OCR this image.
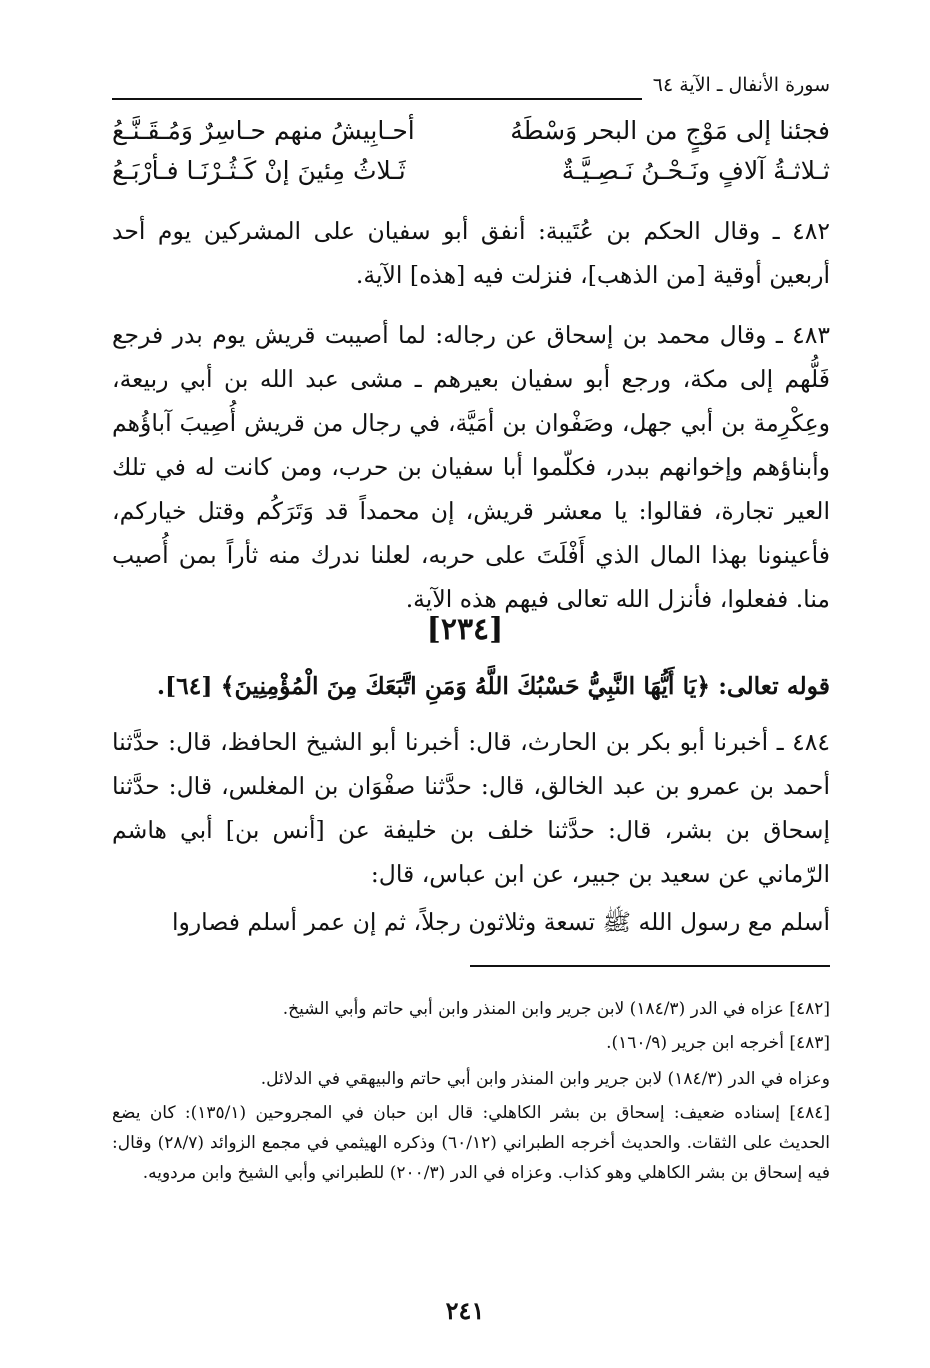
سورة الأنفال ـ الآية ٦٤
فجئنا إلى مَوْجٍ من البحر وَسْطَهُ
أحـابِيشُ منهم حـاسِرٌ وَمُـقَـنَّـعُ
ثـلاثـةُ آلافٍ ونَـحْـنُ نَـصِـيَّـةٌ
ثَـلاثُ مِئينَ إنْ كَـثُـرْنَـا فـأرْبَـعُ

٤٨٢ ـ وقال الحكم بن عُتَيبة: أنفق أبو سفيان على المشركين يوم أحد أربعين أوقية [من الذهب]، فنزلت فيه [هذه] الآية.

٤٨٣ ـ وقال محمد بن إسحاق عن رجاله: لما أصيبت قريش يوم بدر فرجع فَلُّهم إلى مكة، ورجع أبو سفيان بعيرهم ـ مشى عبد الله بن أبي ربيعة، وعِكْرِمة بن أبي جهل، وصَفْوان بن أمَيَّة، في رجال من قريش أُصِيبَ آباؤُهم وأبناؤهم وإخوانهم ببدر، فكلّموا أبا سفيان بن حرب، ومن كانت له في تلك العير تجارة، فقالوا: يا معشر قريش، إن محمداً قد وَتَرَكُم وقتل خياركم، فأعينونا بهذا المال الذي أَفْلَتَ على حربه، لعلنا ندرك منه ثأراً بمن أُصيب منا. ففعلوا، فأنزل الله تعالى فيهم هذه الآية.

[٢٣٤]

قوله تعالى: ﴿يَا أَيُّهَا النَّبِيُّ حَسْبُكَ اللَّهُ وَمَنِ اتَّبَعَكَ مِنَ الْمُؤْمِنِينَ﴾ [٦٤].

٤٨٤ ـ أخبرنا أبو بكر بن الحارث، قال: أخبرنا أبو الشيخ الحافظ، قال: حدَّثنا أحمد بن عمرو بن عبد الخالق، قال: حدَّثنا صفْوَان بن المغلس، قال: حدَّثنا إسحاق بن بشر، قال: حدَّثنا خلف بن خليفة عن [أنس بن] أبي هاشم الرّماني عن سعيد بن جبير، عن ابن عباس، قال:

أسلم مع رسول الله ﷺ تسعة وثلاثون رجلاً، ثم إن عمر أسلم فصاروا

[٤٨٢] عزاه في الدر (١٨٤/٣) لابن جرير وابن المنذر وابن أبي حاتم وأبي الشيخ.

[٤٨٣] أخرجه ابن جرير (١٦٠/٩).

وعزاه في الدر (١٨٤/٣) لابن جرير وابن المنذر وابن أبي حاتم والبيهقي في الدلائل.

[٤٨٤] إسناده ضعيف: إسحاق بن بشر الكاهلي: قال ابن حبان في المجروحين (١٣٥/١): كان يضع الحديث على الثقات. والحديث أخرجه الطبراني (٦٠/١٢) وذكره الهيثمي في مجمع الزوائد (٢٨/٧) وقال: فيه إسحاق بن بشر الكاهلي وهو كذاب. وعزاه في الدر (٢٠٠/٣) للطبراني وأبي الشيخ وابن مردويه.

٢٤١
